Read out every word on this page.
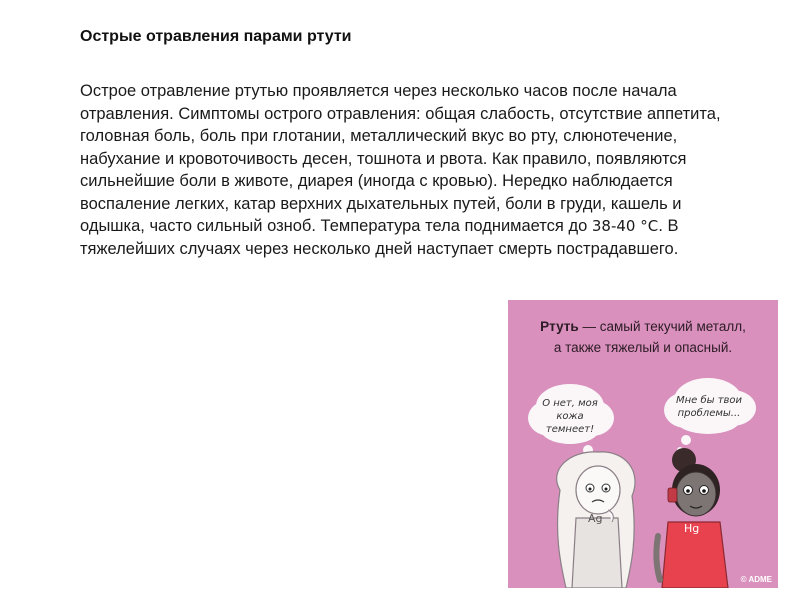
Острые отравления парами ртути
Острое отравление ртутью проявляется через несколько часов после начала отравления. Симптомы острого отравления: общая слабость, отсутствие аппетита, головная боль, боль при глотании, металлический вкус во рту, слюнотечение, набухание и кровоточивость десен, тошнота и рвота. Как правило, появляются сильнейшие боли в животе, диарея (иногда с кровью). Нередко наблюдается воспаление легких, катар верхних дыхательных путей, боли в груди, кашель и одышка, часто сильный озноб. Температура тела поднимается до 38-40 °С. В тяжелейших случаях через несколько дней наступает смерть пострадавшего.
Ртуть — самый текучий металл,
а также тяжелый и опасный.
О нет, моя кожа темнеет!
Мне бы твои проблемы...
Ag
Hg
© ADME
